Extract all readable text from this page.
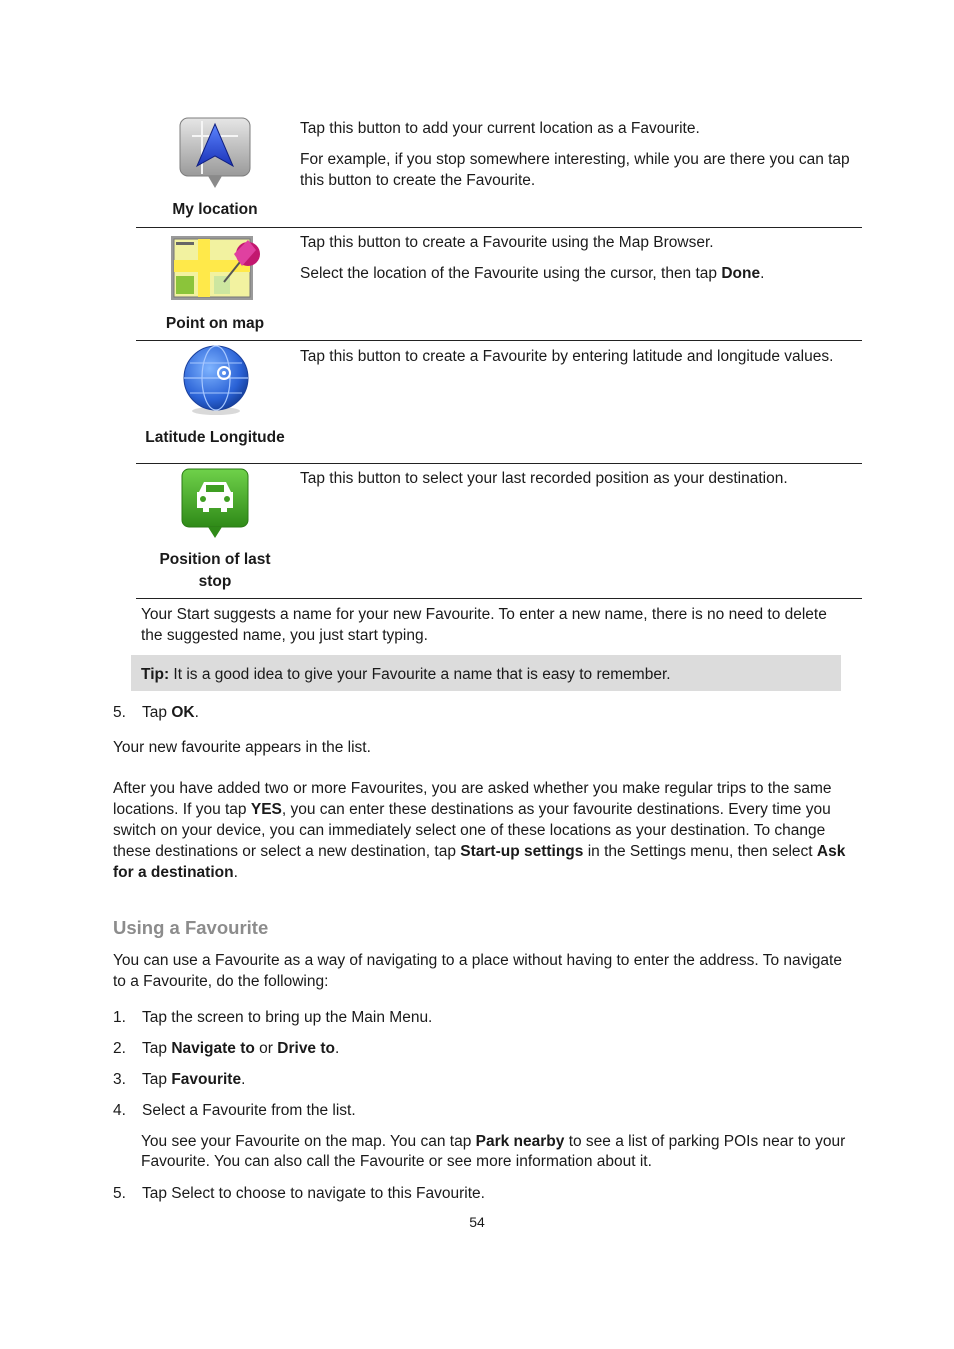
My location

Tap this button to add your current location as a Favourite.

For example, if you stop somewhere interesting, while you are there you can tap this button to create the Favourite.

Point on map

Tap this button to create a Favourite using the Map Browser.

Select the location of the Favourite using the cursor, then tap Done.

Latitude Longitude

Tap this button to create a Favourite by entering latitude and longitude values.

Position of last
stop

Tap this button to select your last recorded position as your destination.

Your Start suggests a name for your new Favourite. To enter a new name, there is no need to delete the suggested name, you just start typing.
Tip: It is a good idea to give your Favourite a name that is easy to remember.
5. Tap OK.
Your new favourite appears in the list.
After you have added two or more Favourites, you are asked whether you make regular trips to the same locations. If you tap YES, you can enter these destinations as your favourite destinations. Every time you switch on your device, you can immediately select one of these locations as your destination. To change these destinations or select a new destination, tap Start-up settings in the Settings menu, then select Ask for a destination.
Using a Favourite
You can use a Favourite as a way of navigating to a place without having to enter the address. To navigate to a Favourite, do the following:
1. Tap the screen to bring up the Main Menu.
2. Tap Navigate to or Drive to.
3. Tap Favourite.
4. Select a Favourite from the list.
You see your Favourite on the map. You can tap Park nearby to see a list of parking POIs near to your Favourite. You can also call the Favourite or see more information about it.
5. Tap Select to choose to navigate to this Favourite.
54
